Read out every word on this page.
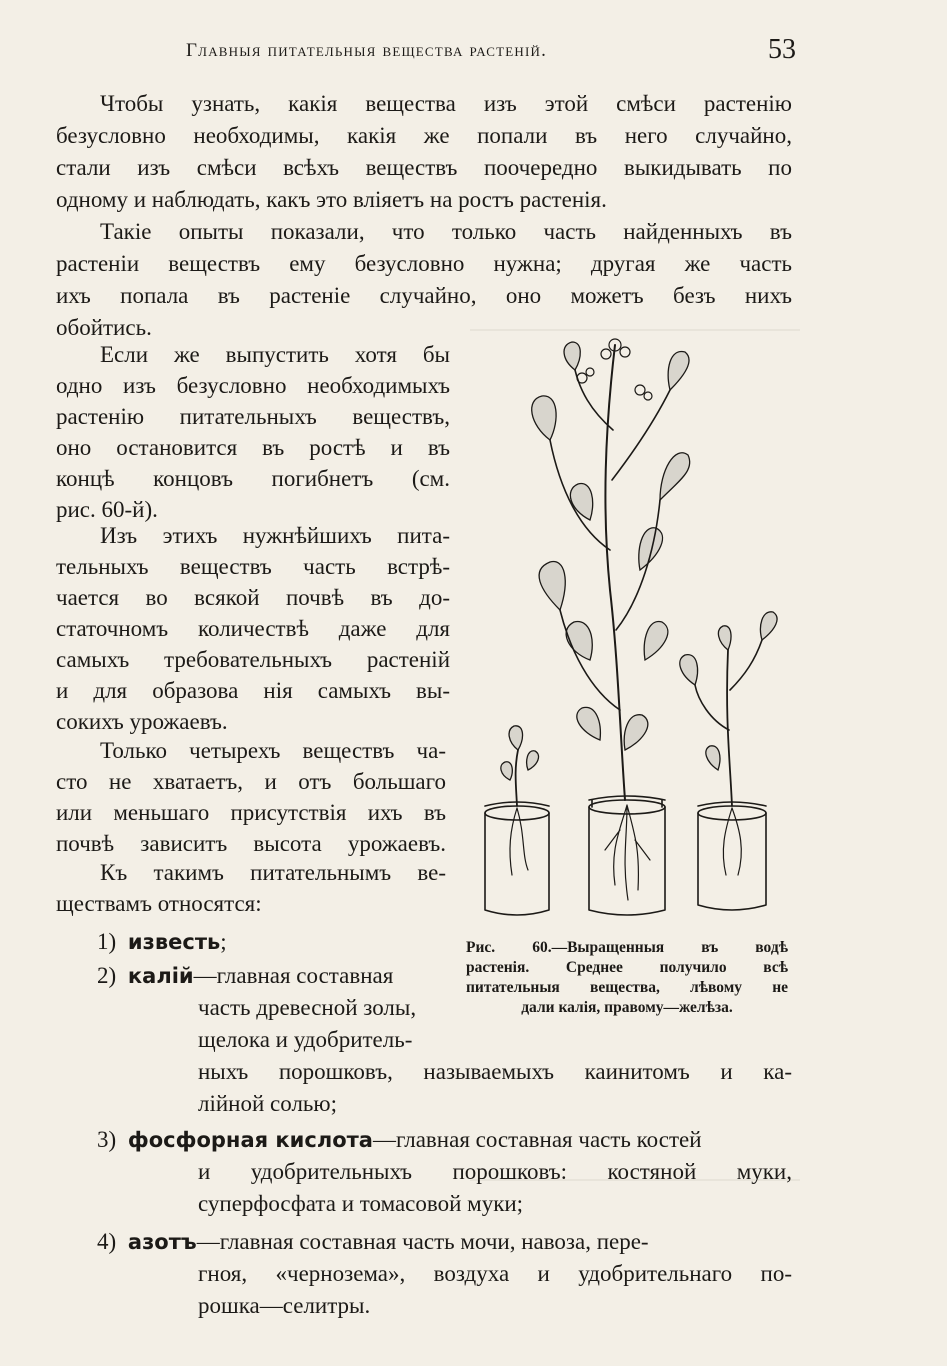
Главныя питательныя вещества растеній.	53
Чтобы узнать, какія вещества изъ этой смѣси растенію
безусловно необходимы, какія же попали въ него случайно,
стали изъ смѣси всѣхъ веществъ поочередно выкидывать по
одному и наблюдать, какъ это вліяетъ на ростъ растенія.
Такіе опыты показали, что только часть найденныхъ въ
растеніи веществъ ему безусловно нужна; другая же часть
ихъ попала въ растеніе случайно, оно можетъ безъ нихъ
обойтись.
Если же выпустить хотя бы
одно изъ безусловно необходимыхъ
растенію питательныхъ веществъ,
оно остановится въ ростѣ и въ
концѣ концовъ погибнетъ (см.
рис. 60-й).
Изъ этихъ нужнѣйшихъ пита-
тельныхъ веществъ часть встрѣ-
чается во всякой почвѣ въ до-
статочномъ количествѣ даже для
самыхъ требовательныхъ растеній
и для образова нія самыхъ вы-
сокихъ урожаевъ.
Только четырехъ веществъ ча-
сто не хватаетъ, и отъ большаго
или меньшаго присутствія ихъ въ
почвѣ зависитъ высота урожаевъ.
Къ такимъ питательнымъ ве-
ществамъ относятся:
1) известь;
2) калій—главная составная
часть древесной золы,
щелока и удобритель-
ныхъ порошковъ, называемыхъ каинитомъ и ка-
лійной солью;
3) фосфорная кислота—главная составная часть костей
и удобрительныхъ порошковъ: костяной муки,
суперфосфата и томасовой муки;
4) азотъ—главная составная часть мочи, навоза, пере-
гноя, «чернозема», воздуха и удобрительнаго по-
рошка—селитры.
Рис. 60.—Выращенныя въ водѣ
растенія. Среднее получило всѣ
питательныя вещества, лѣвому не
дали калія, правому—желѣза.
